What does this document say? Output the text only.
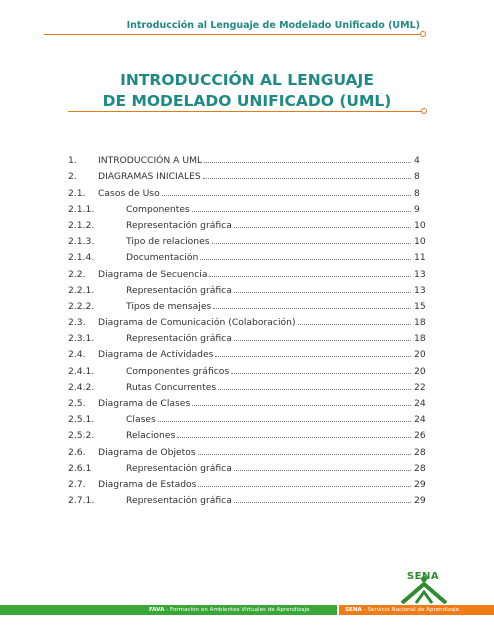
Introducción al Lenguaje de Modelado Unificado (UML)
INTRODUCCIÓN AL LENGUAJE
DE MODELADO UNIFICADO (UML)
1.	INTRODUCCIÓN A UML	4
2.	DIAGRAMAS INICIALES	8
2.1.	Casos de Uso	8
2.1.1.	Componentes	9
2.1.2.	Representación gráfica	10
2.1.3.	Tipo de relaciones	10
2.1.4.	Documentación	11
2.2.	Diagrama de Secuencia	13
2.2.1.	Representación gráfica	13
2.2.2.	Tipos de mensajes	15
2.3.	Diagrama de Comunicación (Colaboración)	18
2.3.1.	Representación gráfica	18
2.4.	Diagrama de Actividades	20
2.4.1.	Componentes gráficos	20
2.4.2.	Rutas Concurrentes	22
2.5.	Diagrama de Clases	24
2.5.1.	Clases	24
2.5.2.	Relaciones	26
2.6.	Diagrama de Objetos	28
2.6.1	Representación gráfica	28
2.7.	Diagrama de Estados	29
2.7.1.	Representación gráfica	29
SENA
FAVA - Formación en Ambientes Virtuales de Aprendizaje	SENA - Servicio Nacional de Aprendizaje
